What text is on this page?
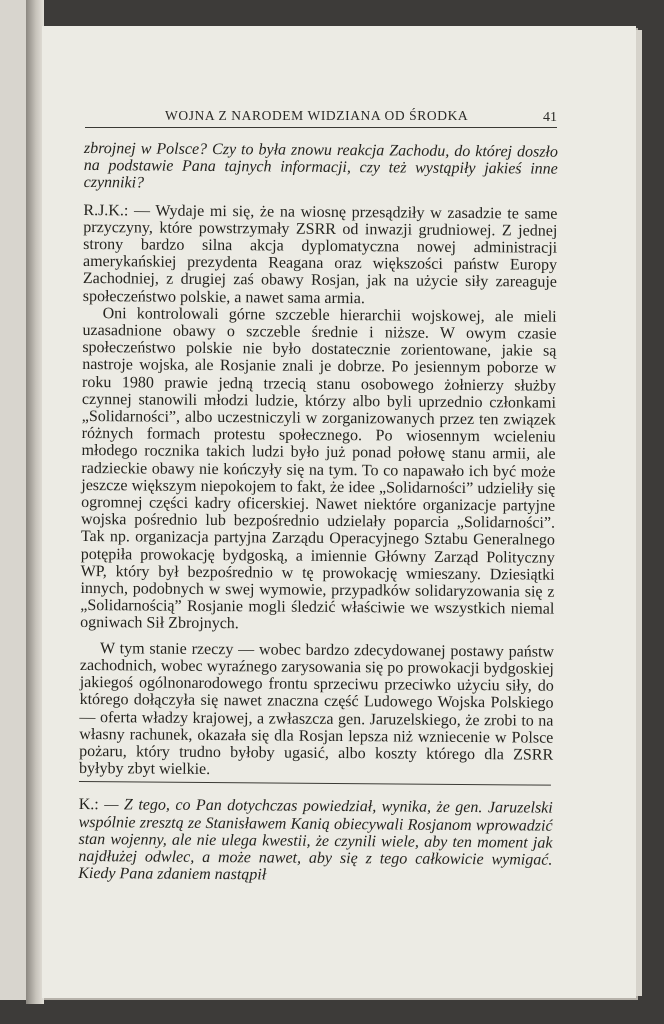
WOJNA Z NARODEM WIDZIANA OD ŚRODKA	41

zbrojnej w Polsce? Czy to była znowu reakcja Zachodu, do której doszło na podstawie Pana tajnych informacji, czy też wystąpiły jakieś inne czynniki?

R.J.K.: — Wydaje mi się, że na wiosnę przesądziły w zasadzie te same przyczyny, które powstrzymały ZSRR od inwazji grudniowej. Z jednej strony bardzo silna akcja dyplomatyczna nowej administracji amerykańskiej prezydenta Reagana oraz większości państw Europy Zachodniej, z drugiej zaś obawy Rosjan, jak na użycie siły zareaguje społeczeństwo polskie, a nawet sama armia.

Oni kontrolowali górne szczeble hierarchii wojskowej, ale mieli uzasadnione obawy o szczeble średnie i niższe. W owym czasie społeczeństwo polskie nie było dostatecznie zorientowane, jakie są nastroje wojska, ale Rosjanie znali je dobrze. Po jesiennym poborze w roku 1980 prawie jedną trzecią stanu osobowego żołnierzy służby czynnej stanowili młodzi ludzie, którzy albo byli uprzednio członkami „Solidarności”, albo uczestniczyli w zorganizowanych przez ten związek różnych formach protestu społecznego. Po wiosennym wcieleniu młodego rocznika takich ludzi było już ponad połowę stanu armii, ale radzieckie obawy nie kończyły się na tym. To co napawało ich być może jeszcze większym niepokojem to fakt, że idee „Solidarności” udzieliły się ogromnej części kadry oficerskiej. Nawet niektóre organizacje partyjne wojska pośrednio lub bezpośrednio udzielały poparcia „Solidarności”. Tak np. organizacja partyjna Zarządu Operacyjnego Sztabu Generalnego potępiła prowokację bydgoską, a imiennie Główny Zarząd Polityczny WP, który był bezpośrednio w tę prowokację wmieszany. Dziesiątki innych, podobnych w swej wymowie, przypadków solidaryzowania się z „Solidarnością” Rosjanie mogli śledzić właściwie we wszystkich niemal ogniwach Sił Zbrojnych.

W tym stanie rzeczy — wobec bardzo zdecydowanej postawy państw zachodnich, wobec wyraźnego zarysowania się po prowokacji bydgoskiej jakiegoś ogólnonarodowego frontu sprzeciwu przeciwko użyciu siły, do którego dołączyła się nawet znaczna część Ludowego Wojska Polskiego — oferta władzy krajowej, a zwłaszcza gen. Jaruzelskiego, że zrobi to na własny rachunek, okazała się dla Rosjan lepsza niż wzniecenie w Polsce pożaru, który trudno byłoby ugasić, albo koszty którego dla ZSRR byłyby zbyt wielkie.

K.: — Z tego, co Pan dotychczas powiedział, wynika, że gen. Jaruzelski wspólnie zresztą ze Stanisławem Kanią obiecywali Rosjanom wprowadzić stan wojenny, ale nie ulega kwestii, że czynili wiele, aby ten moment jak najdłużej odwlec, a może nawet, aby się z tego całkowicie wymigać. Kiedy Pana zdaniem nastąpił
